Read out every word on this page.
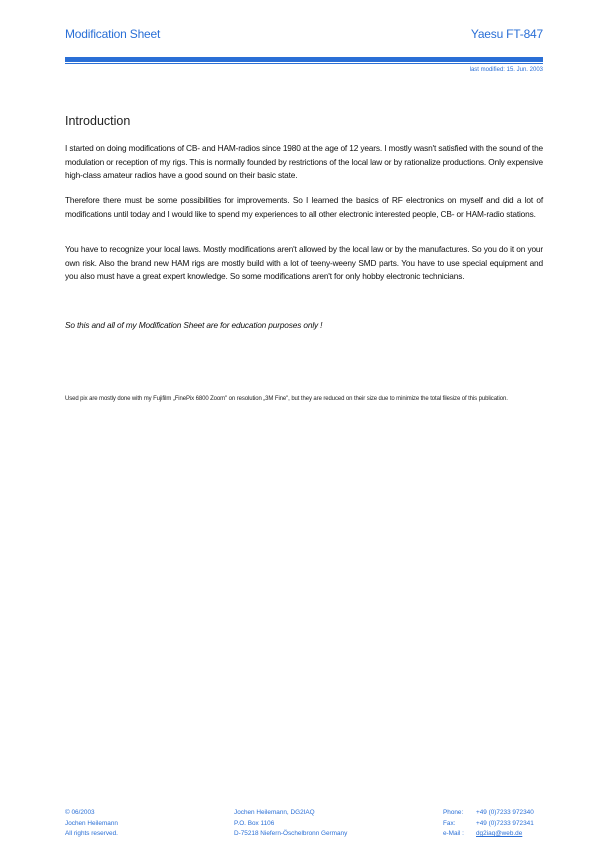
Modification Sheet	Yaesu FT-847
last modified: 15. Jun. 2003
Introduction
I started on doing modifications of CB- and HAM-radios since 1980 at the age of 12 years. I mostly wasn't satisfied with the sound of the modulation or reception of my rigs. This is normally founded by restrictions of the local law or by rationalize productions. Only expensive high-class amateur radios have a good sound on their basic state.
Therefore there must be some possibilities for improvements. So I learned the basics of RF electronics on myself and did a lot of modifications until today and I would like to spend my experiences to all other electronic interested people, CB- or HAM-radio stations.
You have to recognize your local laws. Mostly modifications aren't allowed by the local law or by the manufactures. So you do it on your own risk. Also the brand new HAM rigs are mostly build with a lot of teeny-weeny SMD parts. You have to use special equipment and you also must have a great expert knowledge. So some modifications aren't for only hobby electronic technicians.
So this and all of my Modification Sheet are for education purposes only !
Used pix are mostly done with my Fujifilm „FinePix 6800 Zoom" on resolution „3M Fine", but they are reduced on their size due to minimize the total filesize of this publication.
© 06/2003
Jochen Heilemann
All rights reserved.
Jochen Heilemann, DG2IAQ
P.O. Box 1106
D-75218 Niefern-Öschelbronn Germany
Phone:
Fax:
e-Mail :
+49 (0)7233 972340
+49 (0)7233 972341
dg2iaq@web.de
